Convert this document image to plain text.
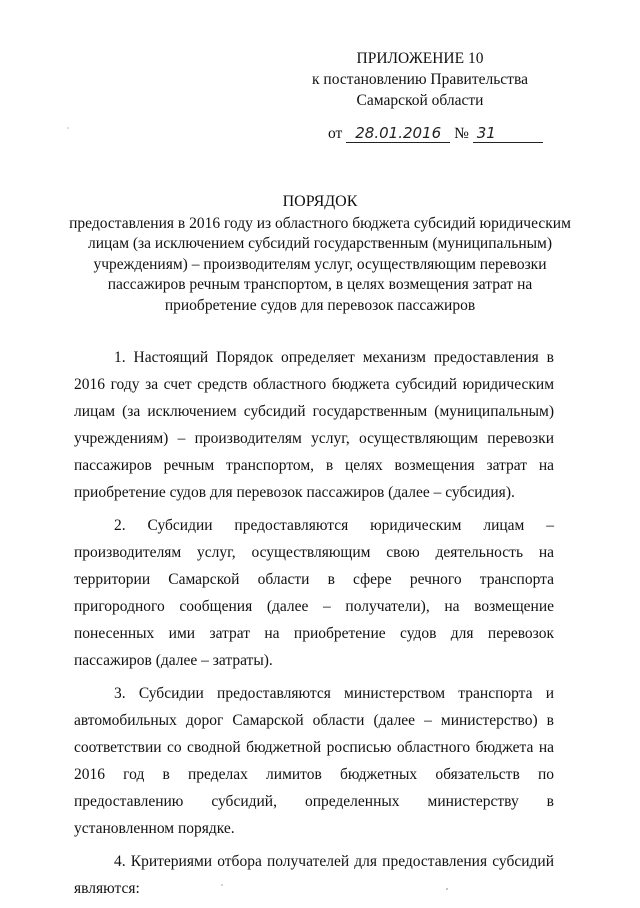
ПРИЛОЖЕНИЕ 10
к постановлению Правительства
Самарской области
от 28.01.2016 № 31
ПОРЯДОК
предоставления в 2016 году из областного бюджета субсидий юридическим лицам (за исключением субсидий государственным (муниципальным) учреждениям) – производителям услуг, осуществляющим перевозки пассажиров речным транспортом, в целях возмещения затрат на приобретение судов для перевозок пассажиров

1. Настоящий Порядок определяет механизм предоставления в 2016 году за счет средств областного бюджета субсидий юридическим лицам (за исключением субсидий государственным (муниципальным) учреждениям) – производителям услуг, осуществляющим перевозки пассажиров речным транспортом, в целях возмещения затрат на приобретение судов для перевозок пассажиров (далее – субсидия).

2. Субсидии предоставляются юридическим лицам – производителям услуг, осуществляющим свою деятельность на территории Самарской области в сфере речного транспорта пригородного сообщения (далее – получатели), на возмещение понесенных ими затрат на приобретение судов для перевозок пассажиров (далее – затраты).

3. Субсидии предоставляются министерством транспорта и автомобильных дорог Самарской области (далее – министерство) в соответствии со сводной бюджетной росписью областного бюджета на 2016 год в пределах лимитов бюджетных обязательств по предоставлению субсидий, определенных министерству в установленном порядке.

4. Критериями отбора получателей для предоставления субсидий являются:
